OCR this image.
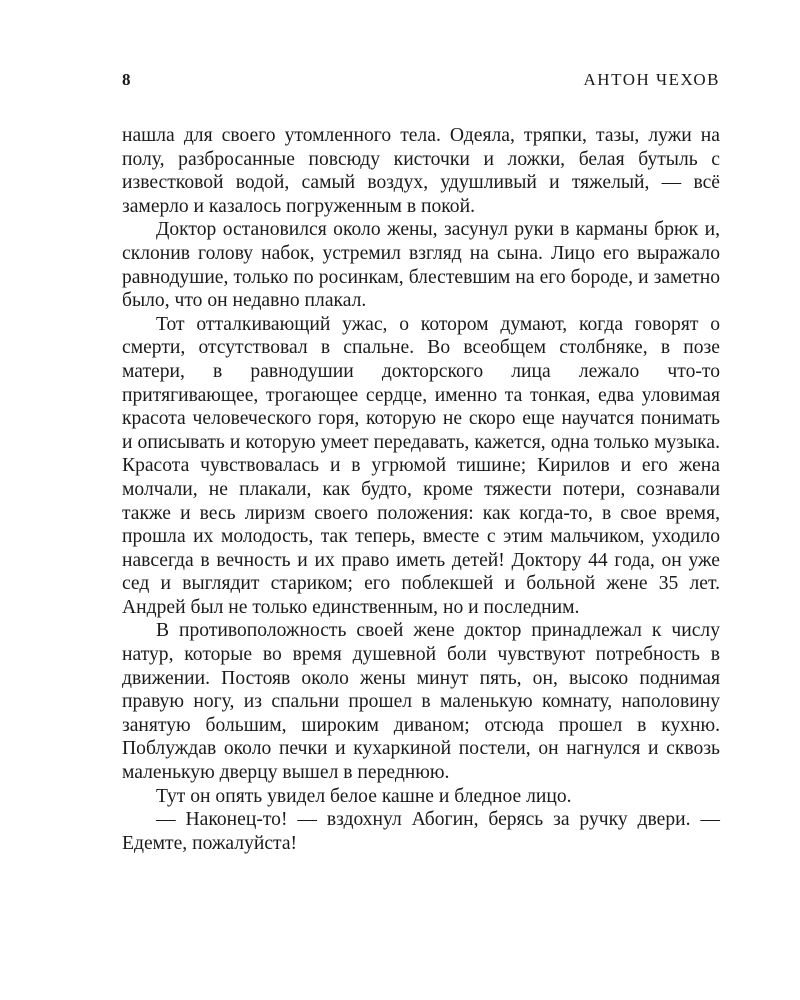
8	АНТОН ЧЕХОВ

нашла для своего утомленного тела. Одеяла, тряпки, тазы, лужи на полу, разбросанные повсюду кисточки и ложки, белая бутыль с известковой водой, самый воздух, удушливый и тяжелый, — всё замерло и казалось погруженным в покой.

Доктор остановился около жены, засунул руки в карманы брюк и, склонив голову набок, устремил взгляд на сына. Лицо его выражало равнодушие, только по росинкам, блестевшим на его бороде, и заметно было, что он недавно плакал.

Тот отталкивающий ужас, о котором думают, когда говорят о смерти, отсутствовал в спальне. Во всеобщем столбняке, в позе матери, в равнодушии докторского лица лежало что-то притягивающее, трогающее сердце, именно та тонкая, едва уловимая красота человеческого горя, которую не скоро еще научатся понимать и описывать и которую умеет передавать, кажется, одна только музыка. Красота чувствовалась и в угрюмой тишине; Кирилов и его жена молчали, не плакали, как будто, кроме тяжести потери, сознавали также и весь лиризм своего положения: как когда-то, в свое время, прошла их молодость, так теперь, вместе с этим мальчиком, уходило навсегда в вечность и их право иметь детей! Доктору 44 года, он уже сед и выглядит стариком; его поблекшей и больной жене 35 лет. Андрей был не только единственным, но и последним.

В противоположность своей жене доктор принадлежал к числу натур, которые во время душевной боли чувствуют потребность в движении. Постояв около жены минут пять, он, высоко поднимая правую ногу, из спальни прошел в маленькую комнату, наполовину занятую большим, широким диваном; отсюда прошел в кухню. Поблуждав около печки и кухаркиной постели, он нагнулся и сквозь маленькую дверцу вышел в переднюю.

Тут он опять увидел белое кашне и бледное лицо.

— Наконец-то! — вздохнул Абогин, берясь за ручку двери. — Едемте, пожалуйста!
